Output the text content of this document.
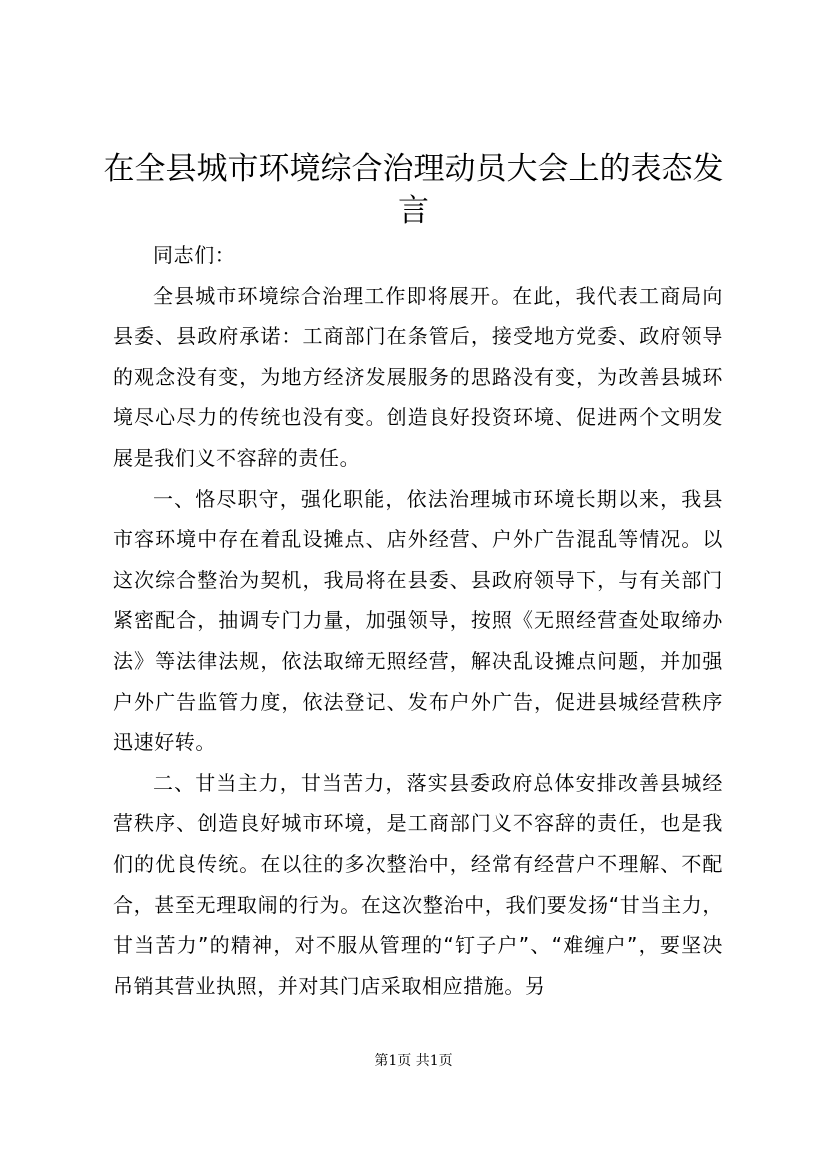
在全县城市环境综合治理动员大会上的表态发言

同志们：

全县城市环境综合治理工作即将展开。在此，我代表工商局向县委、县政府承诺：工商部门在条管后，接受地方党委、政府领导的观念没有变，为地方经济发展服务的思路没有变，为改善县城环境尽心尽力的传统也没有变。创造良好投资环境、促进两个文明发展是我们义不容辞的责任。

一、恪尽职守，强化职能，依法治理城市环境长期以来，我县市容环境中存在着乱设摊点、店外经营、户外广告混乱等情况。以这次综合整治为契机，我局将在县委、县政府领导下，与有关部门紧密配合，抽调专门力量，加强领导，按照《无照经营查处取缔办法》等法律法规，依法取缔无照经营，解决乱设摊点问题，并加强户外广告监管力度，依法登记、发布户外广告，促进县城经营秩序迅速好转。

二、甘当主力，甘当苦力，落实县委政府总体安排改善县城经营秩序、创造良好城市环境，是工商部门义不容辞的责任，也是我们的优良传统。在以往的多次整治中，经常有经营户不理解、不配合，甚至无理取闹的行为。在这次整治中，我们要发扬“甘当主力，甘当苦力”的精神，对不服从管理的“钉子户”、“难缠户”，要坚决吊销其营业执照，并对其门店采取相应措施。另

第1页 共1页
